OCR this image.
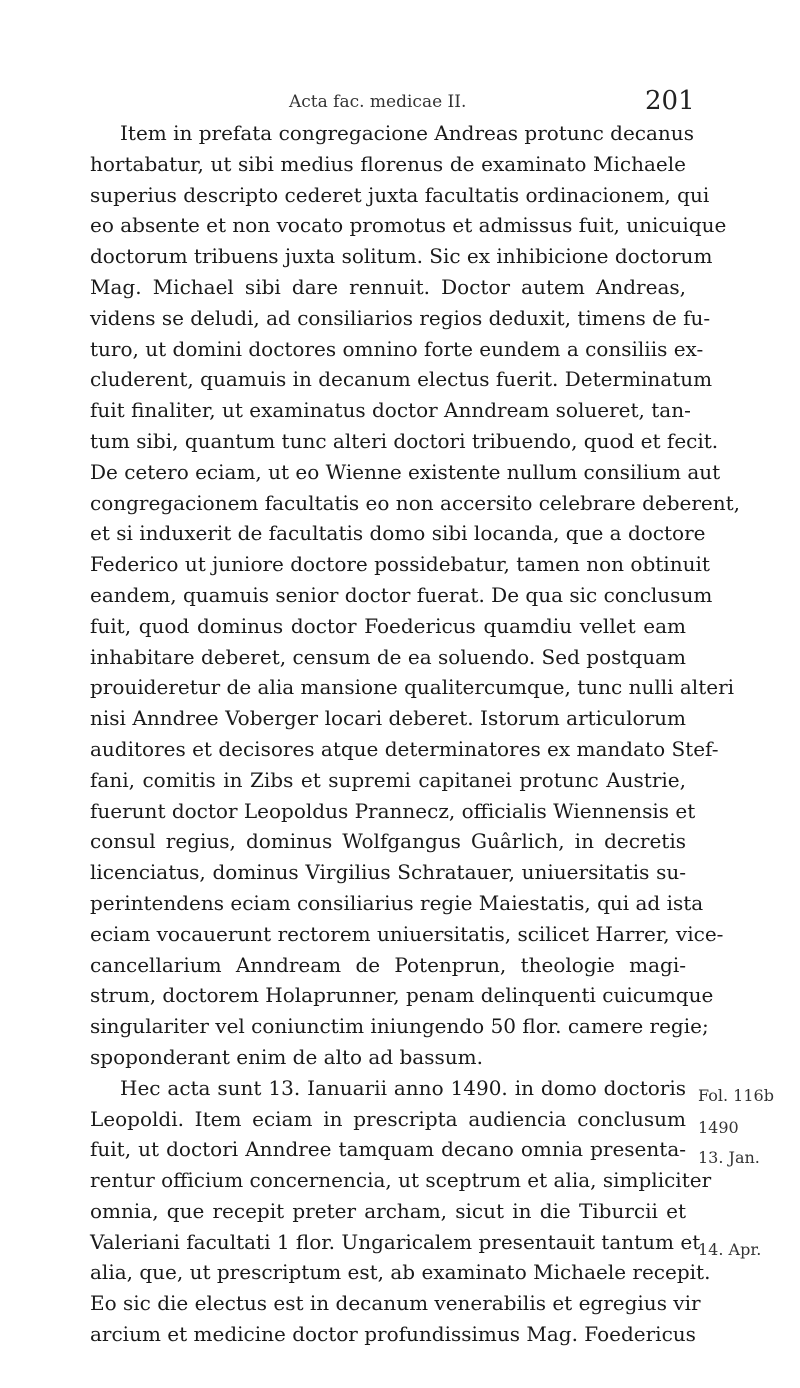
Acta fac. medicae II.	201
Item in prefata congregacione Andreas protunc decanus
hortabatur, ut sibi medius florenus de examinato Michaele
superius descripto cederet juxta facultatis ordinacionem, qui
eo absente et non vocato promotus et admissus fuit, unicuique
doctorum tribuens juxta solitum. Sic ex inhibicione doctorum
Mag. Michael sibi dare rennuit. Doctor autem Andreas,
videns se deludi, ad consiliarios regios deduxit, timens de fu-
turo, ut domini doctores omnino forte eundem a consiliis ex-
cluderent, quamuis in decanum electus fuerit. Determinatum
fuit finaliter, ut examinatus doctor Anndream solueret, tan-
tum sibi, quantum tunc alteri doctori tribuendo, quod et fecit.
De cetero eciam, ut eo Wienne existente nullum consilium aut
congregacionem facultatis eo non accersito celebrare deberent,
et si induxerit de facultatis domo sibi locanda, que a doctore
Federico ut juniore doctore possidebatur, tamen non obtinuit
eandem, quamuis senior doctor fuerat. De qua sic conclusum
fuit, quod dominus doctor Foedericus quamdiu vellet eam
inhabitare deberet, censum de ea soluendo. Sed postquam
prouideretur de alia mansione qualitercumque, tunc nulli alteri
nisi Anndree Voberger locari deberet. Istorum articulorum
auditores et decisores atque determinatores ex mandato Stef-
fani, comitis in Zibs et supremi capitanei protunc Austrie,
fuerunt doctor Leopoldus Prannecz, officialis Wiennensis et
consul regius, dominus Wolfgangus Guârlich, in decretis
licenciatus, dominus Virgilius Schratauer, uniuersitatis su-
perintendens eciam consiliarius regie Maiestatis, qui ad ista
eciam vocauerunt rectorem uniuersitatis, scilicet Harrer, vice-
cancellarium Anndream de Potenprun, theologie magi-
strum, doctorem Holaprunner, penam delinquenti cuicumque
singulariter vel coniunctim iniungendo 50 flor. camere regie;
spoponderant enim de alto ad bassum.
Hec acta sunt 13. Ianuarii anno 1490. in domo doctoris
Leopoldi. Item eciam in prescripta audiencia conclusum
fuit, ut doctori Anndree tamquam decano omnia presenta-
rentur officium concernencia, ut sceptrum et alia, simpliciter
omnia, que recepit preter archam, sicut in die Tiburcii et
Valeriani facultati 1 flor. Ungaricalem presentauit tantum et
alia, que, ut prescriptum est, ab examinato Michaele recepit.
Eo sic die electus est in decanum venerabilis et egregius vir
arcium et medicine doctor profundissimus Mag. Foedericus
Fol. 116b
1490
13. Jan.
14. Apr.
